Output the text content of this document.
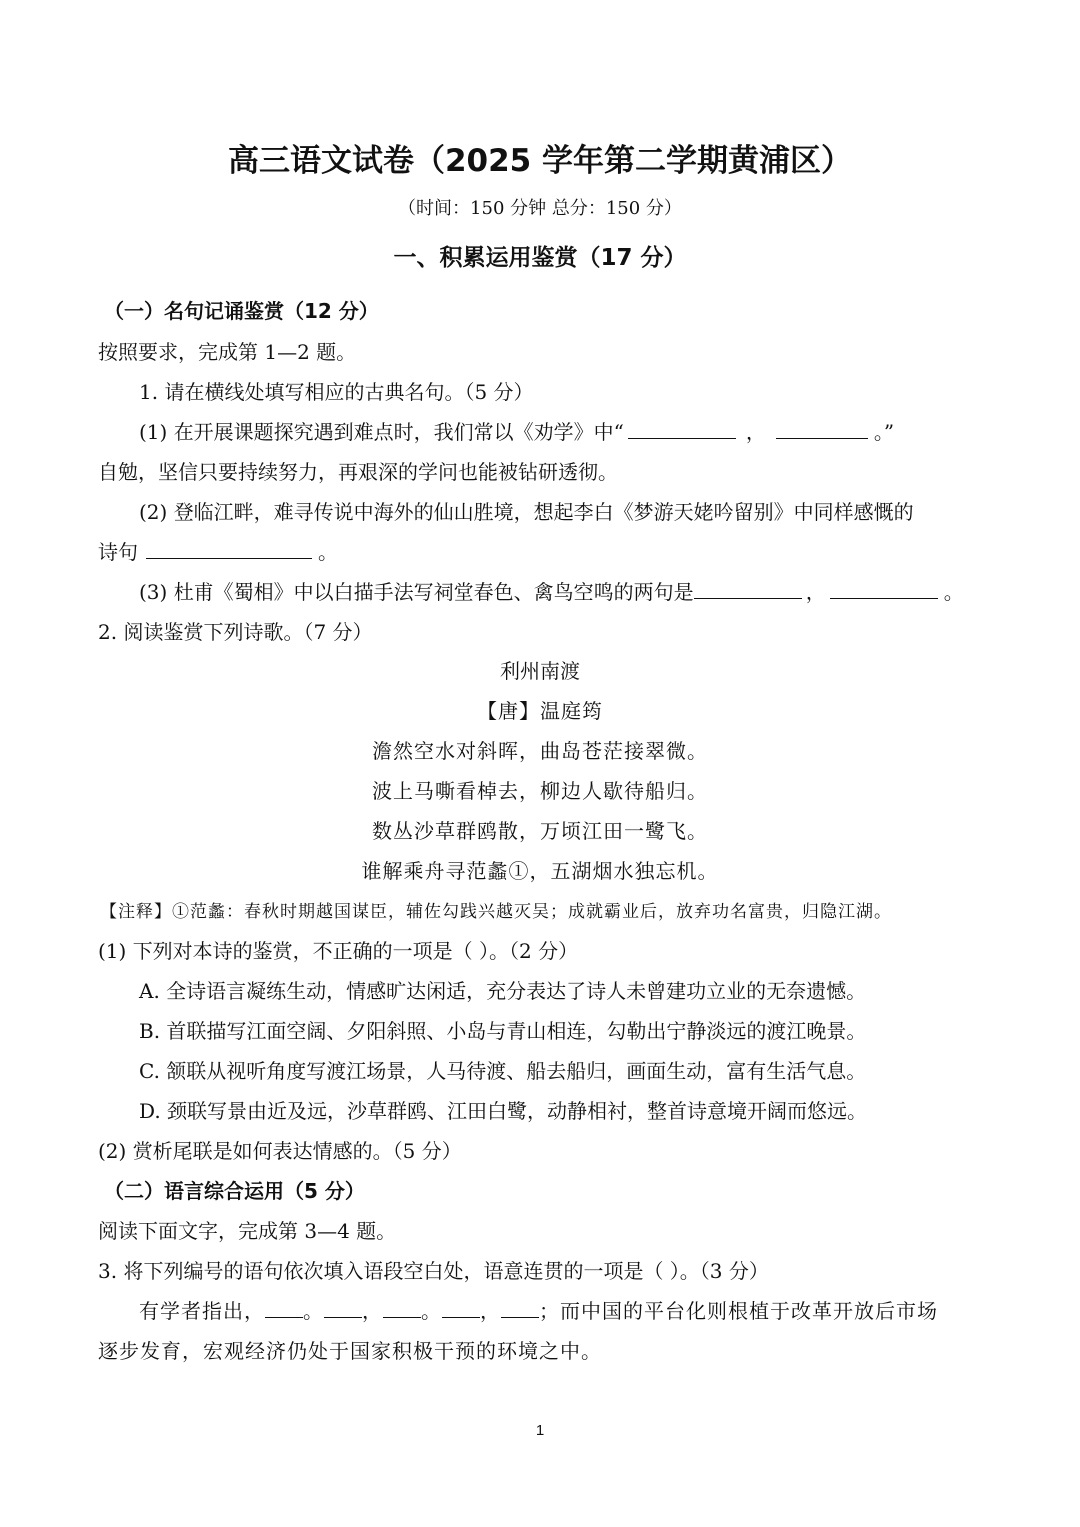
高三语文试卷（2025 学年第二学期黄浦区）
（时间：150 分钟 总分：150 分）
一、积累运用鉴赏（17 分）
（一）名句记诵鉴赏（12 分）
按照要求，完成第 1—2 题。
1. 请在横线处填写相应的古典名句。（5 分）
(1) 在开展课题探究遇到难点时，我们常以《劝学》中“	，	。”
自勉，坚信只要持续努力，再艰深的学问也能被钻研透彻。
(2) 登临江畔，难寻传说中海外的仙山胜境，想起李白《梦游天姥吟留别》中同样感慨的
诗句	。
(3) 杜甫《蜀相》中以白描手法写祠堂春色、禽鸟空鸣的两句是	，	。
2. 阅读鉴赏下列诗歌。（7 分）
利州南渡
【唐】温庭筠
澹然空水对斜晖，曲岛苍茫接翠微。
波上马嘶看棹去，柳边人歇待船归。
数丛沙草群鸥散，万顷江田一鹭飞。
谁解乘舟寻范蠡①，五湖烟水独忘机。
【注释】①范蠡：春秋时期越国谋臣，辅佐勾践兴越灭吴；成就霸业后，放弃功名富贵，归隐江湖。
(1) 下列对本诗的鉴赏，不正确的一项是（ ）。（2 分）
A. 全诗语言凝练生动，情感旷达闲适，充分表达了诗人未曾建功立业的无奈遗憾。
B. 首联描写江面空阔、夕阳斜照、小岛与青山相连，勾勒出宁静淡远的渡江晚景。
C. 颔联从视听角度写渡江场景，人马待渡、船去船归，画面生动，富有生活气息。
D. 颈联写景由近及远，沙草群鸥、江田白鹭，动静相衬，整首诗意境开阔而悠远。
(2) 赏析尾联是如何表达情感的。（5 分）
（二）语言综合运用（5 分）
阅读下面文字，完成第 3—4 题。
3. 将下列编号的语句依次填入语段空白处，语意连贯的一项是（ ）。（3 分）
有学者指出， 。 ， 。 ， ；而中国的平台化则根植于改革开放后市场
逐步发育，宏观经济仍处于国家积极干预的环境之中。
1
